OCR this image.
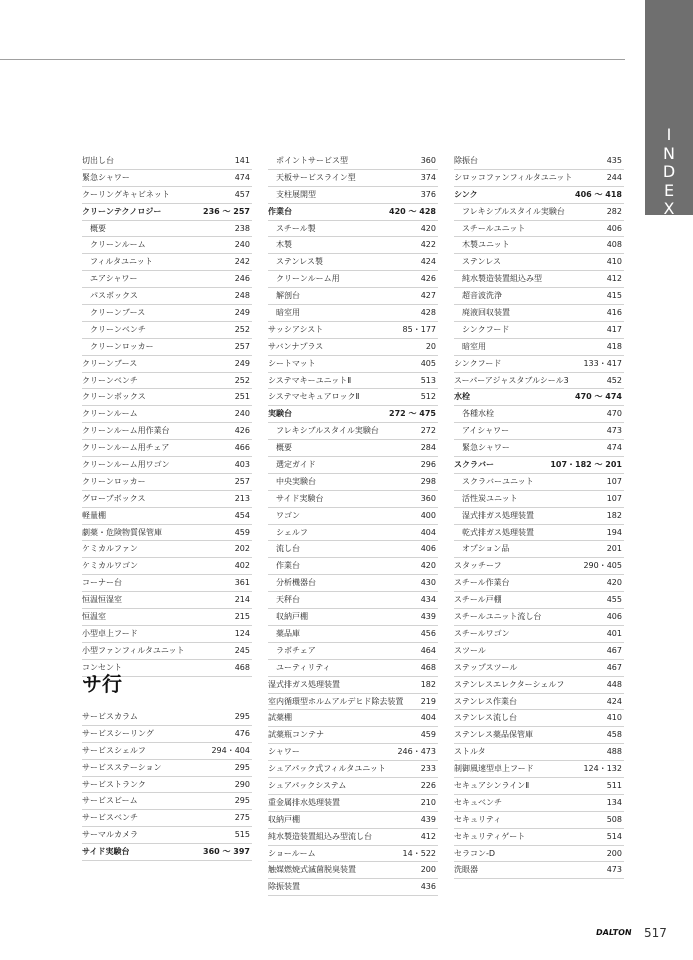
I
N
D
E
X
切出し台	141
緊急シャワー	474
クーリングキャビネット	457
クリーンテクノロジー	236 ～ 257
概要	238
クリーンルーム	240
フィルタユニット	242
エアシャワー	246
パスボックス	248
クリーンブース	249
クリーンベンチ	252
クリーンロッカー	257
クリーンブース	249
クリーンベンチ	252
クリーンボックス	251
クリーンルーム	240
クリーンルーム用作業台	426
クリーンルーム用チェア	466
クリーンルーム用ワゴン	403
クリーンロッカー	257
グローブボックス	213
軽量棚	454
劇薬・危険物質保管庫	459
ケミカルファン	202
ケミカルワゴン	402
コーナー台	361
恒温恒湿室	214
恒温室	215
小型卓上フード	124
小型ファンフィルタユニット	245
コンセント	468
サ行
サービスカラム	295
サービスシーリング	476
サービスシェルフ	294・404
サービスステーション	295
サービストランク	290
サービスビーム	295
サービスベンチ	275
サーマルカメラ	515
サイド実験台	360 ～ 397
ポイントサービス型	360
天板サービスライン型	374
支柱展開型	376
作業台	420 ～ 428
スチール製	420
木製	422
ステンレス製	424
クリーンルーム用	426
解剖台	427
暗室用	428
サッシアシスト	85・177
サバンナプラス	20
シートマット	405
システマキーユニットⅡ	513
システマセキュアロックⅡ	512
実験台	272 ～ 475
フレキシブルスタイル実験台	272
概要	284
選定ガイド	296
中央実験台	298
サイド実験台	360
ワゴン	400
シェルフ	404
流し台	406
作業台	420
分析機器台	430
天秤台	434
収納戸棚	439
薬品庫	456
ラボチェア	464
ユーティリティ	468
湿式排ガス処理装置	182
室内循環型ホルムアルデヒド除去装置 219
試薬棚	404
試薬瓶コンテナ	459
シャワー	246・473
シュアパック式フィルタユニット	233
シュアパックシステム	226
重金属排水処理装置	210
収納戸棚	439
純水製造装置組込み型流し台	412
ショールーム	14・522
触媒燃焼式滅菌脱臭装置	200
除振装置	436
除振台	435
シロッコファンフィルタユニット	244
シンク	406 ～ 418
フレキシブルスタイル実験台	282
スチールユニット	406
木製ユニット	408
ステンレス	410
純水製造装置組込み型	412
超音波洗浄	415
廃液回収装置	416
シンクフード	417
暗室用	418
シンクフード	133・417
スーパーアジャスタブルシール3	452
水栓	470 ～ 474
各種水栓	470
アイシャワー	473
緊急シャワー	474
スクラバー	107・182 ～ 201
スクラバーユニット	107
活性炭ユニット	107
湿式排ガス処理装置	182
乾式排ガス処理装置	194
オプション品	201
スタッチーフ	290・405
スチール作業台	420
スチール戸棚	455
スチールユニット流し台	406
スチールワゴン	401
スツール	467
ステップスツール	467
ステンレスエレクターシェルフ	448
ステンレス作業台	424
ステンレス流し台	410
ステンレス薬品保管庫	458
ストルタ	488
制御風速型卓上フード	124・132
セキュアシンラインⅡ	511
セキュベンチ	134
セキュリティ	508
セキュリティゲート	514
セラコン-D	200
洗眼器	473
DALTON 517
